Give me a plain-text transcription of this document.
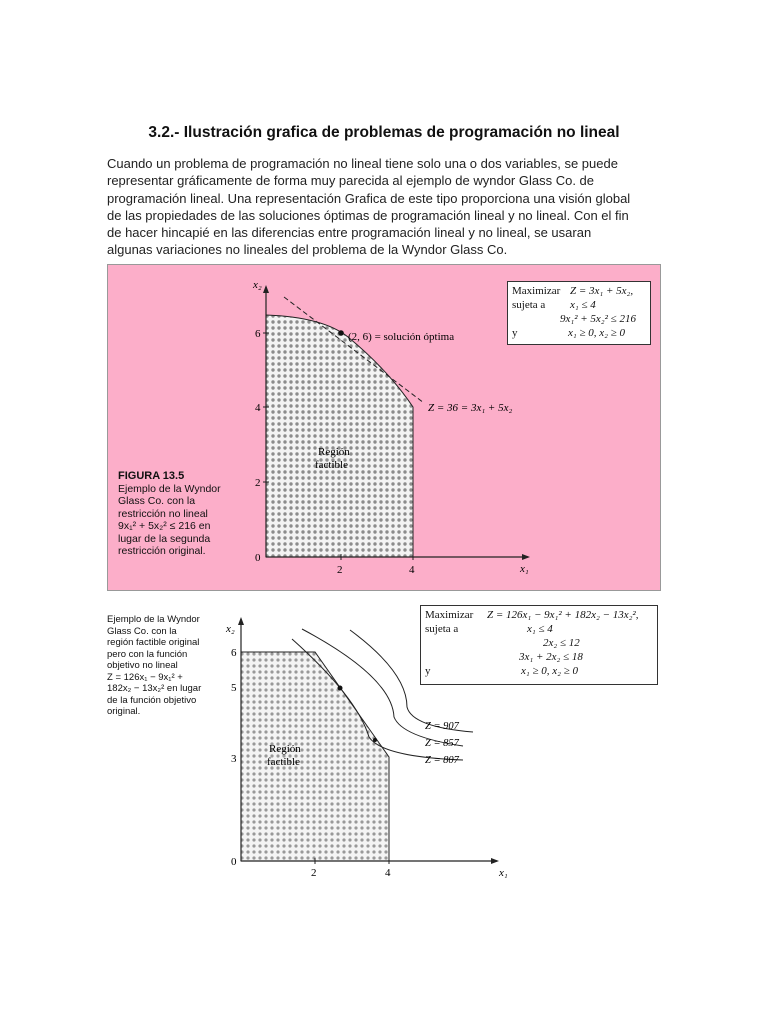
3.2.- Ilustración grafica de problemas de programación no lineal
Cuando un problema de programación no lineal tiene solo una o dos variables, se puede
representar gráficamente de forma muy parecida al ejemplo de wyndor Glass Co. de
programación lineal. Una representación Grafica de este tipo proporciona una visión global
de las propiedades de las soluciones óptimas de programación lineal y no lineal. Con el fin
de hacer hincapié en las diferencias entre programación lineal y no lineal, se usaran
algunas variaciones no lineales del problema de la Wyndor Glass Co.
x₂
x₁
2	4
0
2
4
6	(2, 6) = solución óptima
Z = 36 = 3x₁ + 5x₂
Región
factible
FIGURA 13.5
Ejemplo de la Wyndor
Glass Co. con la
restricción no lineal
9x₁² + 5x₂² ≤ 216 en
lugar de la segunda
restricción original.
Maximizar Z = 3x₁ + 5x₂,
sujeta a x₁ ≤ 4
9x₁² + 5x₂² ≤ 216
y	x₁ ≥ 0, x₂ ≥ 0
x₂
x₁
2	4
0
3
5
6
Z = 907
Z = 857
Z = 807
Región
factible
Ejemplo de la Wyndor
Glass Co. con la
región factible original
pero con la función
objetivo no lineal
Z = 126x₁ − 9x₁² +
182x₂ − 13x₂² en lugar
de la función objetivo
original.
Maximizar Z = 126x₁ − 9x₁² + 182x₂ − 13x₂²,
sujeta a	x₁ ≤ 4
2x₂ ≤ 12
3x₁ + 2x₂ ≤ 18
y	x₁ ≥ 0, x₂ ≥ 0
